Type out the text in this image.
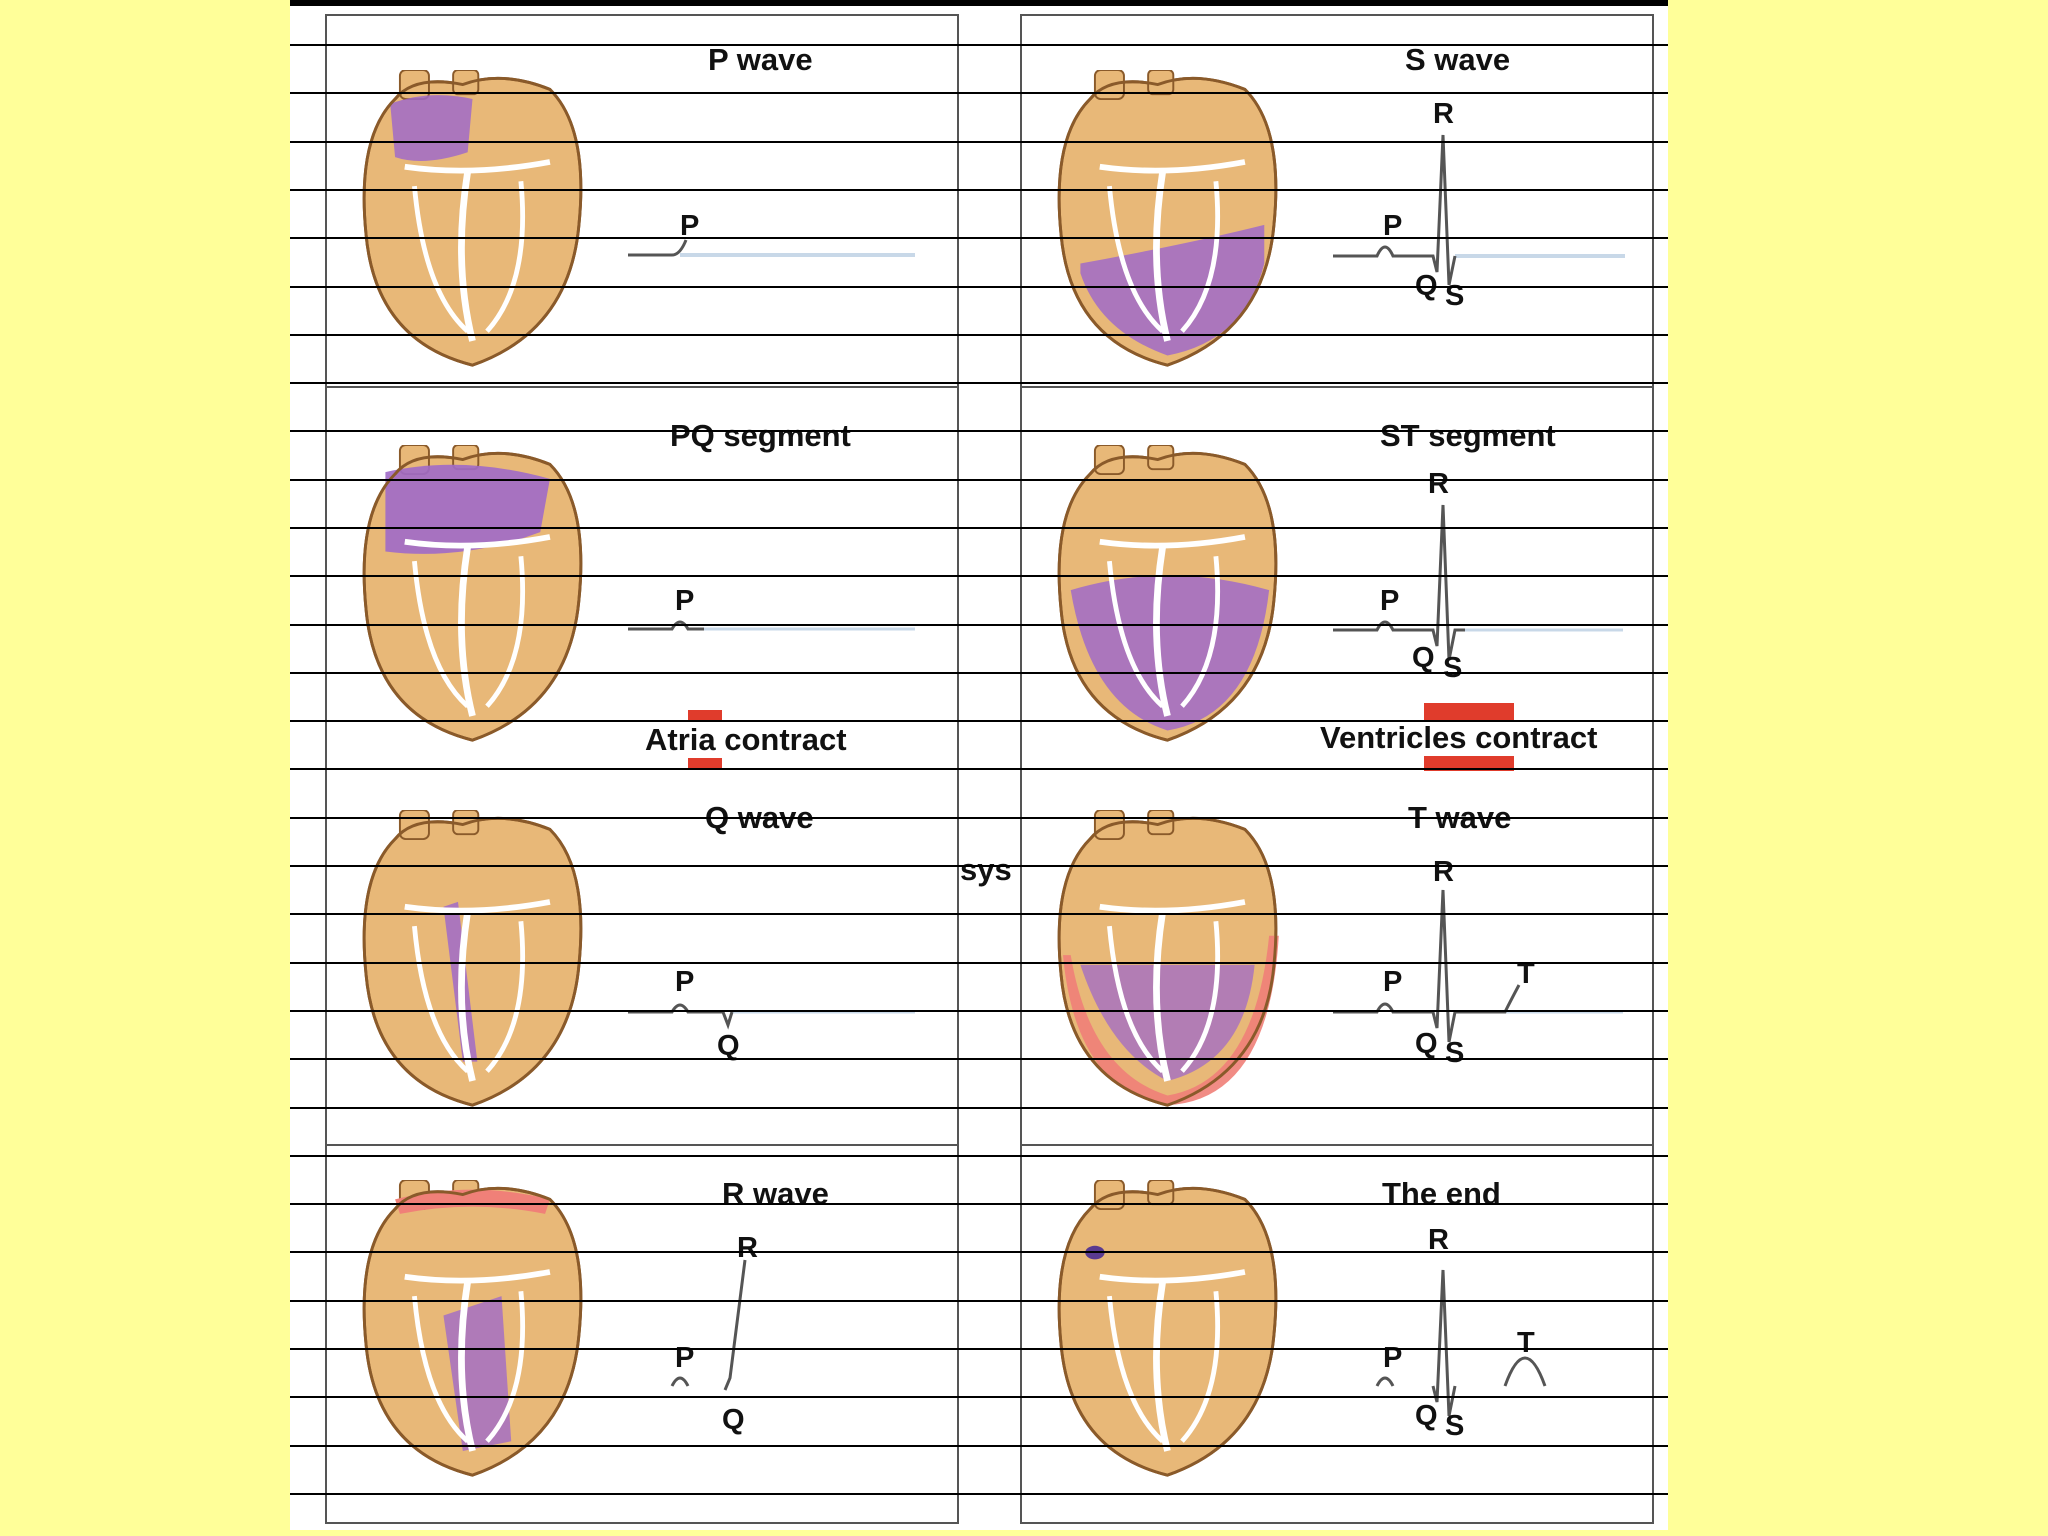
P wave
PQ segment
Q wave
R wave
S wave
ST segment
T wave
The end
P
P
P
Q
P
Q
R
R
P
Q S
R
P
Q S
R
P	T
Q S
R
P	T
Q S
Atria contract	Ventricles contract
sys
